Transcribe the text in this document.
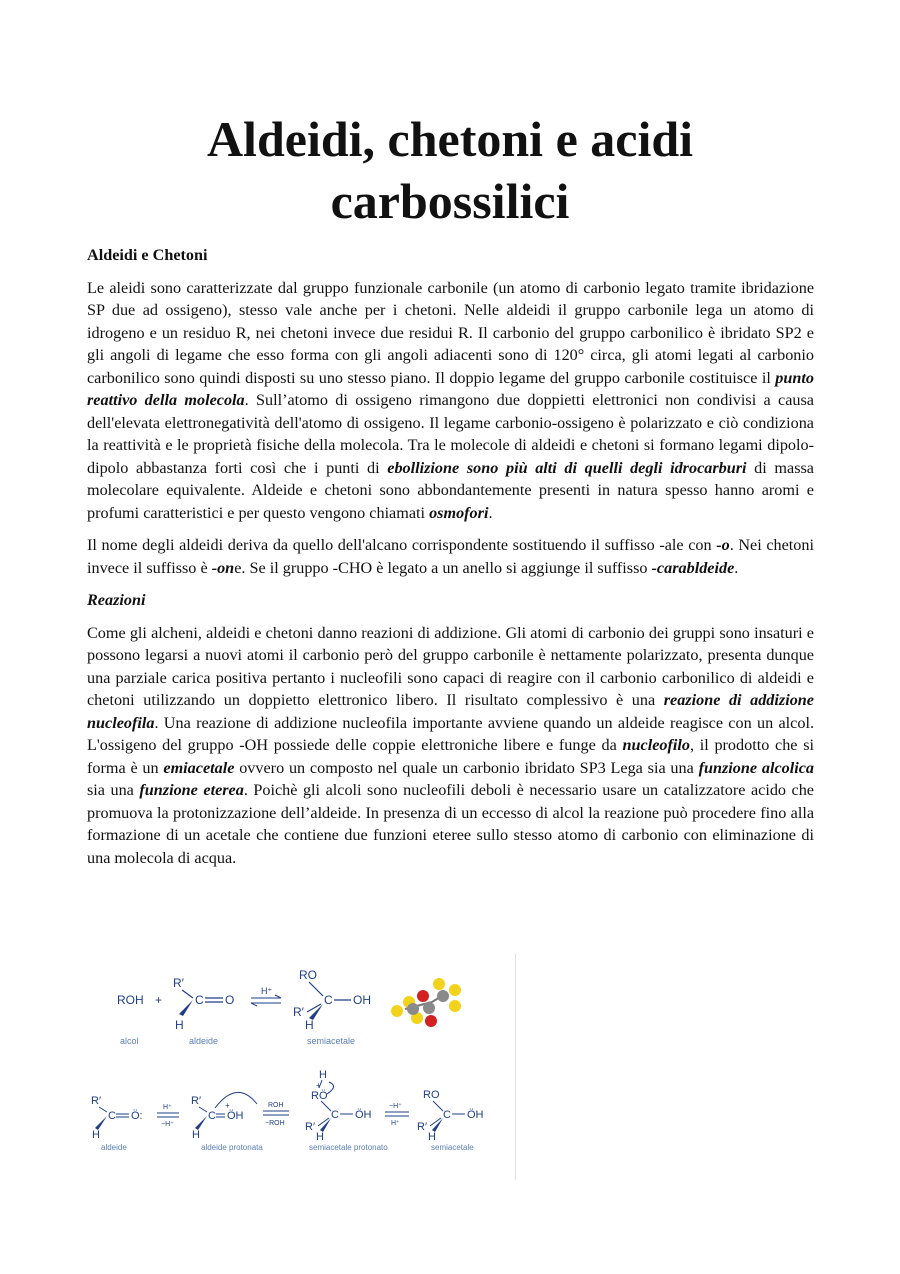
Aldeidi, chetoni e acidi carbossilici
Aldeidi e Chetoni

Le aleidi sono caratterizzate dal gruppo funzionale carbonile (un atomo di carbonio legato tramite ibridazione SP due ad ossigeno), stesso vale anche per i chetoni. Nelle aldeidi il gruppo carbonile lega un atomo di idrogeno e un residuo R, nei chetoni invece due residui R. Il carbonio del gruppo carbonilico è ibridato SP2 e gli angoli di legame che esso forma con gli angoli adiacenti sono di 120° circa, gli atomi legati al carbonio carbonilico sono quindi disposti su uno stesso piano. Il doppio legame del gruppo carbonile costituisce il punto reattivo della molecola. Sull’atomo di ossigeno rimangono due doppietti elettronici non condivisi a causa dell'elevata elettronegatività dell'atomo di ossigeno. Il legame carbonio-ossigeno è polarizzato e ciò condiziona la reattività e le proprietà fisiche della molecola. Tra le molecole di aldeidi e chetoni si formano legami dipolo-dipolo abbastanza forti così che i punti di ebollizione sono più alti di quelli degli idrocarburi di massa molecolare equivalente. Aldeide e chetoni sono abbondantemente presenti in natura spesso hanno aromi e profumi caratteristici e per questo vengono chiamati osmofori.

Il nome degli aldeidi deriva da quello dell'alcano corrispondente sostituendo il suffisso -ale con -o. Nei chetoni invece il suffisso è -one. Se il gruppo -CHO è legato a un anello si aggiunge il suffisso -carabldeide.

Reazioni

Come gli alcheni, aldeidi e chetoni danno reazioni di addizione. Gli atomi di carbonio dei gruppi sono insaturi e possono legarsi a nuovi atomi il carbonio però del gruppo carbonile è nettamente polarizzato, presenta dunque una parziale carica positiva pertanto i nucleofili sono capaci di reagire con il carbonio carbonilico di aldeidi e chetoni utilizzando un doppietto elettronico libero. Il risultato complessivo è una reazione di addizione nucleofila. Una reazione di addizione nucleofila importante avviene quando un aldeide reagisce con un alcol. L'ossigeno del gruppo -OH possiede delle coppie elettroniche libere e funge da nucleofilo, il prodotto che si forma è un emiacetale ovvero un composto nel quale un carbonio ibridato SP3 Lega sia una funzione alcolica sia una funzione eterea. Poichè gli alcoli sono nucleofili deboli è necessario usare un catalizzatore acido che promuova la protonizzazione dell’aldeide. In presenza di un eccesso di alcol la reazione può procedere fino alla formazione di un acetale che contiene due funzioni eteree sullo stesso atomo di carbonio con eliminazione di una molecola di acqua.

ROH +
R′
H
C O
H⁺
RO
R′
H
C OH
alcol	aldeide	semiacetale
R′
H
C Ö:
H⁺
−H⁺
R′
H
C ÖH
+	ROH
−ROH
H
+
RÖ
R′
H
C ÖH
−H⁺
H⁺
RO
R′
H
C ÖH
aldeide	aldeide protonata	semiacetale protonato	semiacetale
